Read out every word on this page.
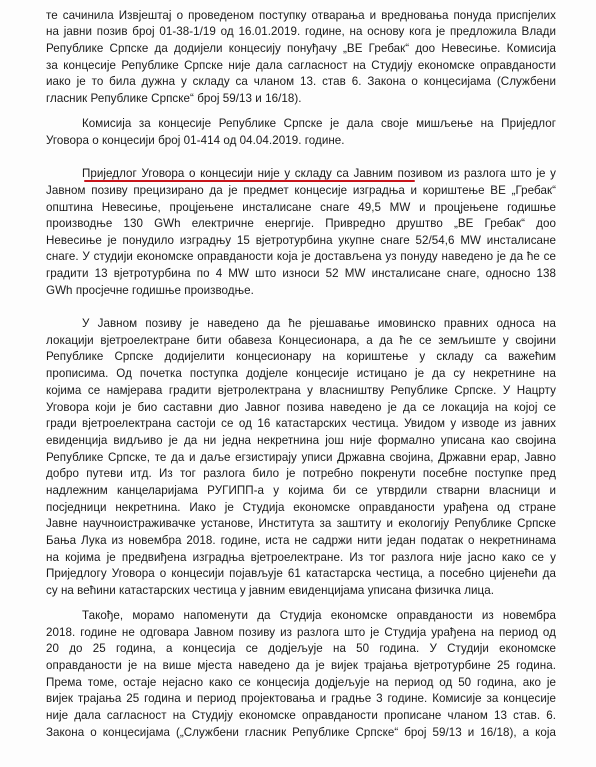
те сачинила Извјештај о проведеном поступку отварања и вредновања понуда приспјелих
на јавни позив број 01-38-1/19 од 16.01.2019. године, на основу кога је предложила Влади
Републике Српске да додијели концесију понуђачу „ВЕ Гребак“ доо Невесиње. Комисија
за концесије Републике Српске није дала сагласност на Студију економске оправданости
иако је то била дужна у складу са чланом 13. став 6. Закона о концесијама (Службени
гласник Републике Српске“ број 59/13 и 16/18).
Комисија за концесије Републике Српске је дала своје мишљење на Приједлог
Уговора о концесији број 01-414 од 04.04.2019. године.
Приједлог Уговора о концесији није у складу са Јавним позивом из разлога што је у
Јавном позиву прецизирано да је предмет концесије изградња и кориштење ВЕ „Гребак“
општина Невесиње, процјењене инсталисане снаге 49,5 MW и процјењене годишње
производње 130 GWh електричне енергије. Привредно друштво „ВЕ Гребак“ доо
Невесиње је понудило изградњу 15 вјетротурбина укупне снаге 52/54,6 MW инсталисане
снаге. У студији економске оправданости која је достављена уз понуду наведено је да ће се
градити 13 вјетротурбина по 4 MW што износи 52 MW инсталисане снаге, односно 138
GWh просјечне годишње производње.
У Јавном позиву је наведено да ће рјешавање имовинско правних односа на
локацији вјетроелектране бити обавеза Концесионара, а да ће се земљиште у својини
Републике Српске додијелити концесионару на кориштење у складу са важећим
прописима. Од почетка поступка додјеле концесије истицано је да су некретнине на
којима се намјерава градити вјетролектрана у власништву Републике Српске. У Нацрту
Уговора који је био саставни дио Јавног позива наведено је да се локација на којој се
гради вјетроелектрана састоји се од 16 катастарских честица. Увидом у изводе из јавних
евиденција видљиво је да ни једна некретнина још није формално уписана као својина
Републике Српске, те да и даље егзистирају уписи Државна својина, Државни ерар, Јавно
добро путеви итд. Из тог разлога било је потребно покренути посебне поступке пред
надлежним канцеларијама РУГИПП-а у којима би се утврдили стварни власници и
посједници некретнина. Иако је Студија економске оправданости урађена од стране
Јавне научноистраживачке установе, Института за заштиту и екологију Републике Српске
Бања Лука из новембра 2018. године, иста не садржи нити један податак о некретнинама
на којима је предвиђена изградња вјетроелектране. Из тог разлога није јасно како се у
Приједлогу Уговора о концесији појављује 61 катастарска честица, а посебно цијенећи да
су на већини катастарских честица у јавним евиденцијама уписана физичка лица.
Такође, морамо напоменути да Студија економске оправданости из новембра
2018. године не одговара Јавном позиву из разлога што је Студија урађена на период од
20 до 25 година, а концесија се додјељује на 50 година. У Студији економске
оправданости је на више мјеста наведено да је вијек трајања вјетротурбине 25 година.
Према томе, остаје нејасно како се концесија додјељује на период од 50 година, ако је
вијек трајања 25 година и период пројектовања и градње 3 године. Комисије за концесије
није дала сагласност на Студију економске оправданости прописане чланом 13 став. 6.
Закона о концесијама („Службени гласник Републике Српске“ број 59/13 и 16/18), а која
